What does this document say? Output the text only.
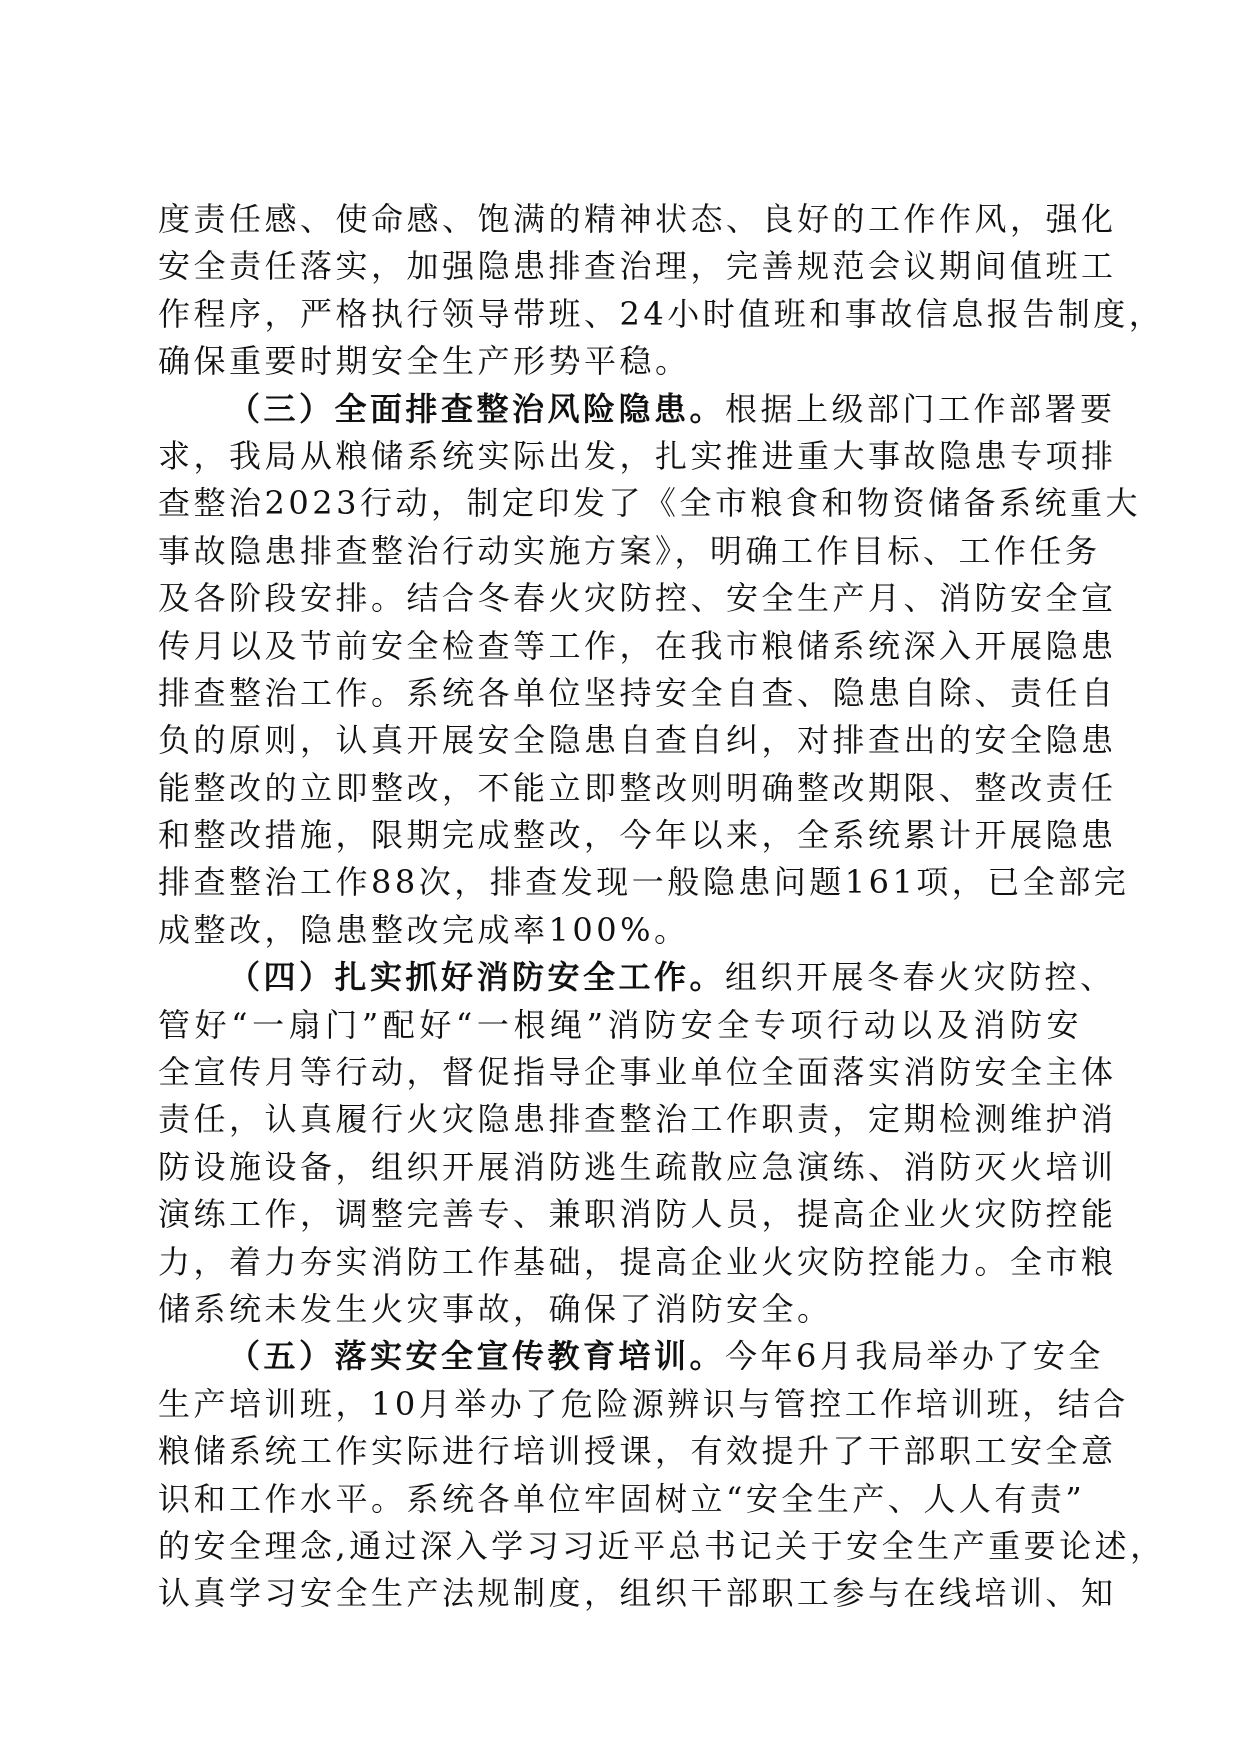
度责任感、使命感、饱满的精神状态、良好的工作作风，强化
安全责任落实，加强隐患排查治理，完善规范会议期间值班工
作程序，严格执行领导带班、24小时值班和事故信息报告制度，
确保重要时期安全生产形势平稳。
（三）全面排查整治风险隐患。根据上级部门工作部署要
求，我局从粮储系统实际出发，扎实推进重大事故隐患专项排
查整治2023行动，制定印发了《全市粮食和物资储备系统重大
事故隐患排查整治行动实施方案》，明确工作目标、工作任务
及各阶段安排。结合冬春火灾防控、安全生产月、消防安全宣
传月以及节前安全检查等工作，在我市粮储系统深入开展隐患
排查整治工作。系统各单位坚持安全自查、隐患自除、责任自
负的原则，认真开展安全隐患自查自纠，对排查出的安全隐患
能整改的立即整改，不能立即整改则明确整改期限、整改责任
和整改措施，限期完成整改，今年以来，全系统累计开展隐患
排查整治工作88次，排查发现一般隐患问题161项，已全部完
成整改，隐患整改完成率100%。
（四）扎实抓好消防安全工作。组织开展冬春火灾防控、
管好“一扇门”配好“一根绳”消防安全专项行动以及消防安
全宣传月等行动，督促指导企事业单位全面落实消防安全主体
责任，认真履行火灾隐患排查整治工作职责，定期检测维护消
防设施设备，组织开展消防逃生疏散应急演练、消防灭火培训
演练工作，调整完善专、兼职消防人员，提高企业火灾防控能
力，着力夯实消防工作基础，提高企业火灾防控能力。全市粮
储系统未发生火灾事故，确保了消防安全。
（五）落实安全宣传教育培训。今年6月我局举办了安全
生产培训班，10月举办了危险源辨识与管控工作培训班，结合
粮储系统工作实际进行培训授课，有效提升了干部职工安全意
识和工作水平。系统各单位牢固树立“安全生产、人人有责”
的安全理念,通过深入学习习近平总书记关于安全生产重要论述，
认真学习安全生产法规制度，组织干部职工参与在线培训、知
